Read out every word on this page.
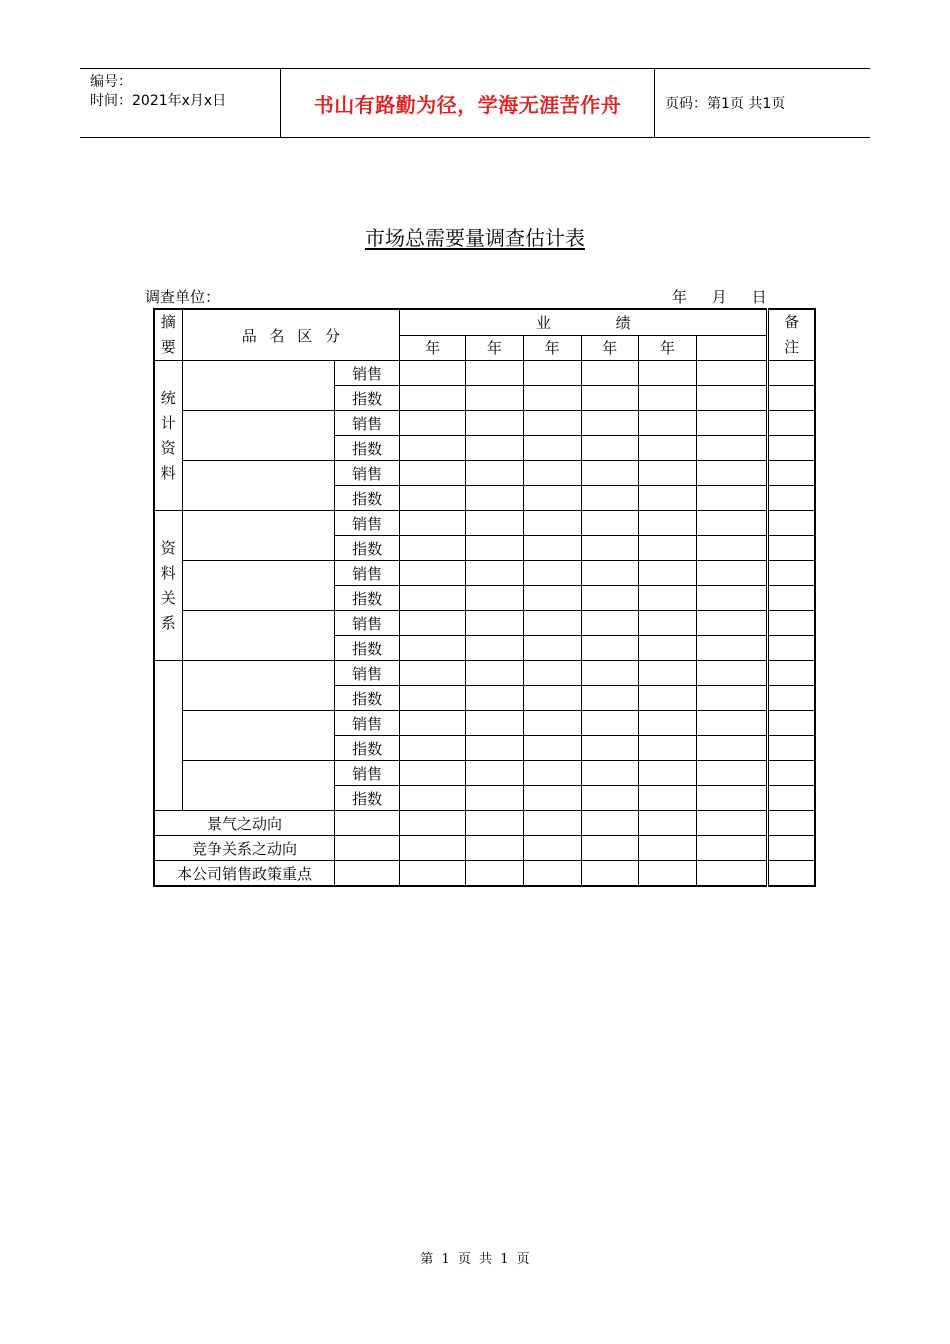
编号：
时间：2021年x月x日	书山有路勤为径，学海无涯苦作舟	页码：第1页 共1页
市场总需要量调查估计表
调查单位：	年 月 日
摘要	品 名 区 分		业 绩						备注
			年	年	年	年	年		
统计资料		销售							
		指数							
		销售							
		指数							
		销售							
		指数							
资料关系		销售							
		指数							
		销售							
		指数							
		销售							
		指数							
		销售							
		指数							
		销售							
		指数							
		销售							
		指数							
景气之动向									
竞争关系之动向									
本公司销售政策重点									
第 1 页 共 1 页
